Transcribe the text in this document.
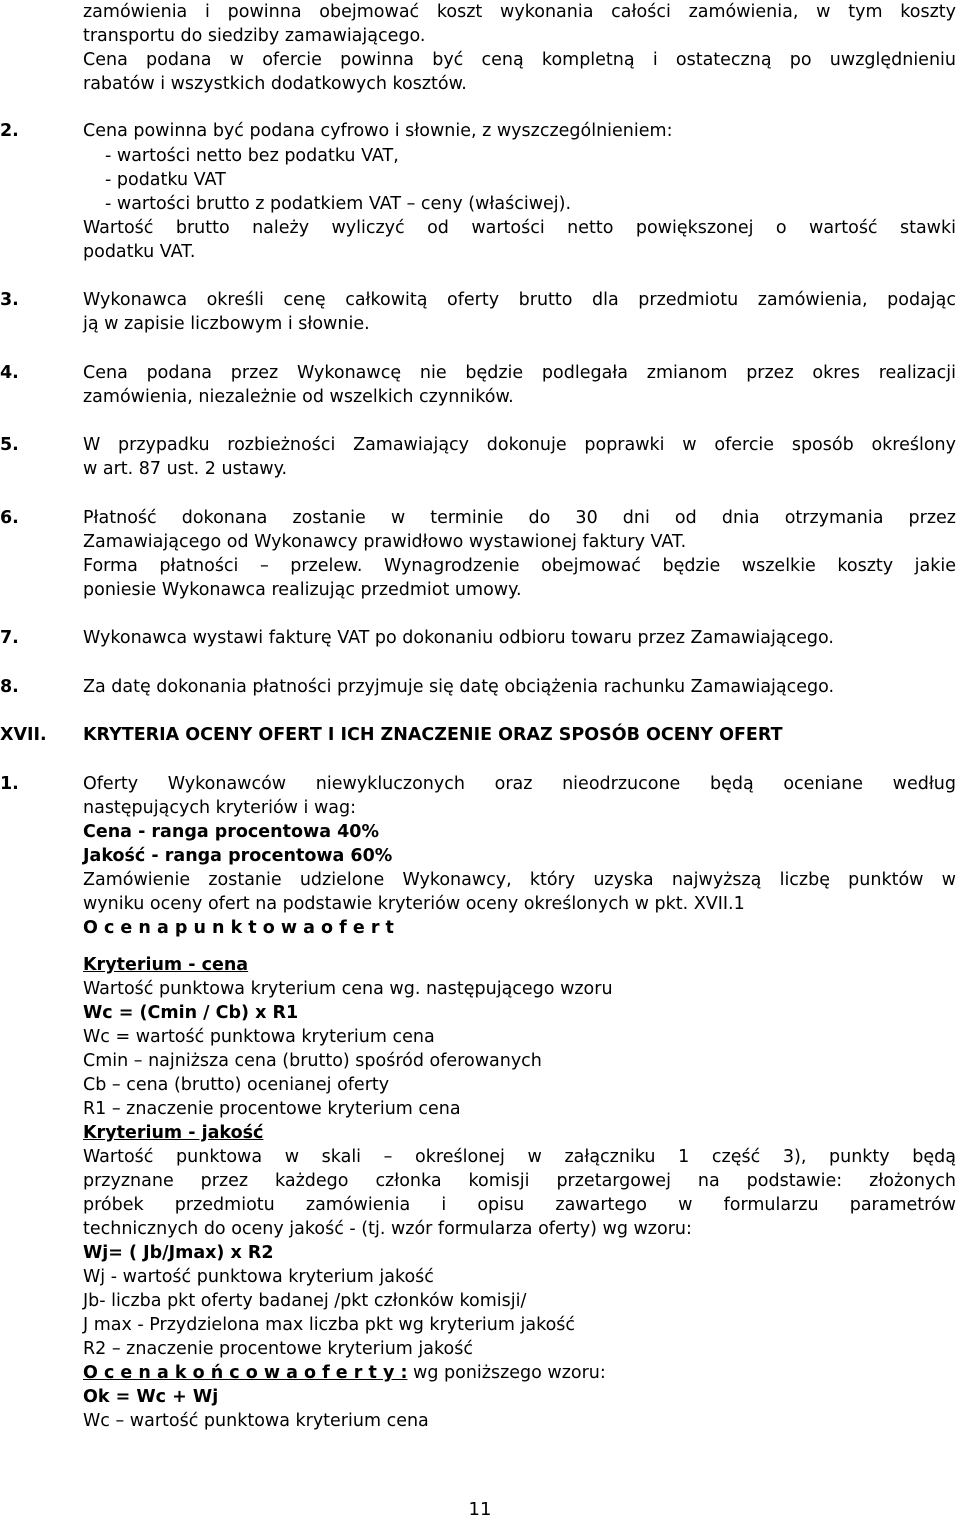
zamówienia i powinna obejmować koszt wykonania całości zamówienia, w tym koszty
transportu do siedziby zamawiającego.
Cena podana w ofercie powinna być ceną kompletną i ostateczną po uwzględnieniu
rabatów i wszystkich dodatkowych kosztów.
2.	Cena powinna być podana cyfrowo i słownie, z wyszczególnieniem:
- wartości netto bez podatku VAT,
- podatku VAT
- wartości brutto z podatkiem VAT – ceny (właściwej).
Wartość brutto należy wyliczyć od wartości netto powiększonej o wartość stawki
podatku VAT.
3.	Wykonawca określi cenę całkowitą oferty brutto dla przedmiotu zamówienia, podając
ją w zapisie liczbowym i słownie.
4.	Cena podana przez Wykonawcę nie będzie podlegała zmianom przez okres realizacji
zamówienia, niezależnie od wszelkich czynników.
5.	W przypadku rozbieżności Zamawiający dokonuje poprawki w ofercie sposób określony
w art. 87 ust. 2 ustawy.
6.	Płatność dokonana zostanie w terminie do 30 dni od dnia otrzymania przez
Zamawiającego od Wykonawcy prawidłowo wystawionej faktury VAT.
Forma płatności – przelew. Wynagrodzenie obejmować będzie wszelkie koszty jakie
poniesie Wykonawca realizując przedmiot umowy.
7.	Wykonawca wystawi fakturę VAT po dokonaniu odbioru towaru przez Zamawiającego.
8.	Za datę dokonania płatności przyjmuje się datę obciążenia rachunku Zamawiającego.
XVII.	KRYTERIA OCENY OFERT I ICH ZNACZENIE ORAZ SPOSÓB OCENY OFERT
1.	Oferty Wykonawców niewykluczonych oraz nieodrzucone będą oceniane według
następujących kryteriów i wag:
Cena - ranga procentowa 40%
Jakość - ranga procentowa 60%
Zamówienie zostanie udzielone Wykonawcy, który uzyska najwyższą liczbę punktów w
wyniku oceny ofert na podstawie kryteriów oceny określonych w pkt. XVII.1
O c e n a p u n k t o w a o f e r t
Kryterium - cena
Wartość punktowa kryterium cena wg. następującego wzoru
Wc = (Cmin / Cb) x R1
Wc = wartość punktowa kryterium cena
Cmin – najniższa cena (brutto) spośród oferowanych
Cb – cena (brutto) ocenianej oferty
R1 – znaczenie procentowe kryterium cena
Kryterium - jakość
Wartość punktowa w skali – określonej w załączniku 1 część 3), punkty będą
przyznane przez każdego członka komisji przetargowej na podstawie: złożonych
próbek przedmiotu zamówienia i opisu zawartego w formularzu parametrów
technicznych do oceny jakość - (tj. wzór formularza oferty) wg wzoru:
Wj= ( Jb/Jmax) x R2
Wj - wartość punktowa kryterium jakość
Jb- liczba pkt oferty badanej /pkt członków komisji/
J max - Przydzielona max liczba pkt wg kryterium jakość
R2 – znaczenie procentowe kryterium jakość
O c e n a k o ń c o w a o f e r t y : wg poniższego wzoru:
Ok = Wc + Wj
Wc – wartość punktowa kryterium cena
11
